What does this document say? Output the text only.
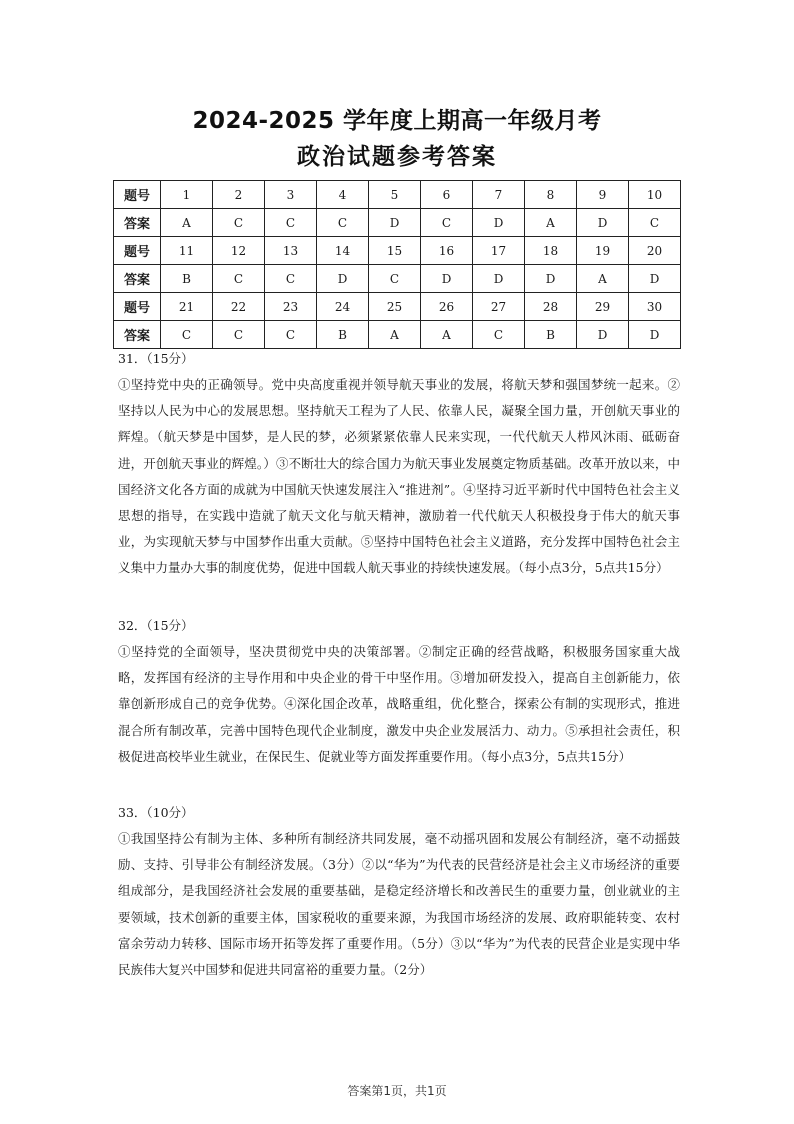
2024-2025 学年度上期高一年级月考
政治试题参考答案
题号	1	2	3	4	5	6	7	8	9	10
答案	A	C	C	C	D	C	D	A	D	C
题号	11	12	13	14	15	16	17	18	19	20
答案	B	C	C	D	C	D	D	D	A	D
题号	21	22	23	24	25	26	27	28	29	30
答案	C	C	C	B	A	A	C	B	D	D
31．（15分）
①坚持党中央的正确领导。党中央高度重视并领导航天事业的发展，将航天梦和强国梦统一起来。②坚持以人民为中心的发展思想。坚持航天工程为了人民、依靠人民，凝聚全国力量，开创航天事业的辉煌。（航天梦是中国梦，是人民的梦，必须紧紧依靠人民来实现，一代代航天人栉风沐雨、砥砺奋进，开创航天事业的辉煌。）③不断壮大的综合国力为航天事业发展奠定物质基础。改革开放以来，中国经济文化各方面的成就为中国航天快速发展注入“推进剂”。④坚持习近平新时代中国特色社会主义思想的指导，在实践中造就了航天文化与航天精神，激励着一代代航天人积极投身于伟大的航天事业，为实现航天梦与中国梦作出重大贡献。⑤坚持中国特色社会主义道路，充分发挥中国特色社会主义集中力量办大事的制度优势，促进中国载人航天事业的持续快速发展。（每小点3分，5点共15分）
32．（15分）
①坚持党的全面领导，坚决贯彻党中央的决策部署。②制定正确的经营战略，积极服务国家重大战略，发挥国有经济的主导作用和中央企业的骨干中坚作用。③增加研发投入，提高自主创新能力，依靠创新形成自己的竞争优势。④深化国企改革，战略重组，优化整合，探索公有制的实现形式，推进混合所有制改革，完善中国特色现代企业制度，激发中央企业发展活力、动力。⑤承担社会责任，积极促进高校毕业生就业，在保民生、促就业等方面发挥重要作用。（每小点3分，5点共15分）
33．（10分）
①我国坚持公有制为主体、多种所有制经济共同发展，毫不动摇巩固和发展公有制经济，毫不动摇鼓励、支持、引导非公有制经济发展。（3分）②以“华为”为代表的民营经济是社会主义市场经济的重要组成部分，是我国经济社会发展的重要基础，是稳定经济增长和改善民生的重要力量，创业就业的主要领域，技术创新的重要主体，国家税收的重要来源，为我国市场经济的发展、政府职能转变、农村富余劳动力转移、国际市场开拓等发挥了重要作用。（5分）③以“华为”为代表的民营企业是实现中华民族伟大复兴中国梦和促进共同富裕的重要力量。（2分）
答案第1页，共1页
